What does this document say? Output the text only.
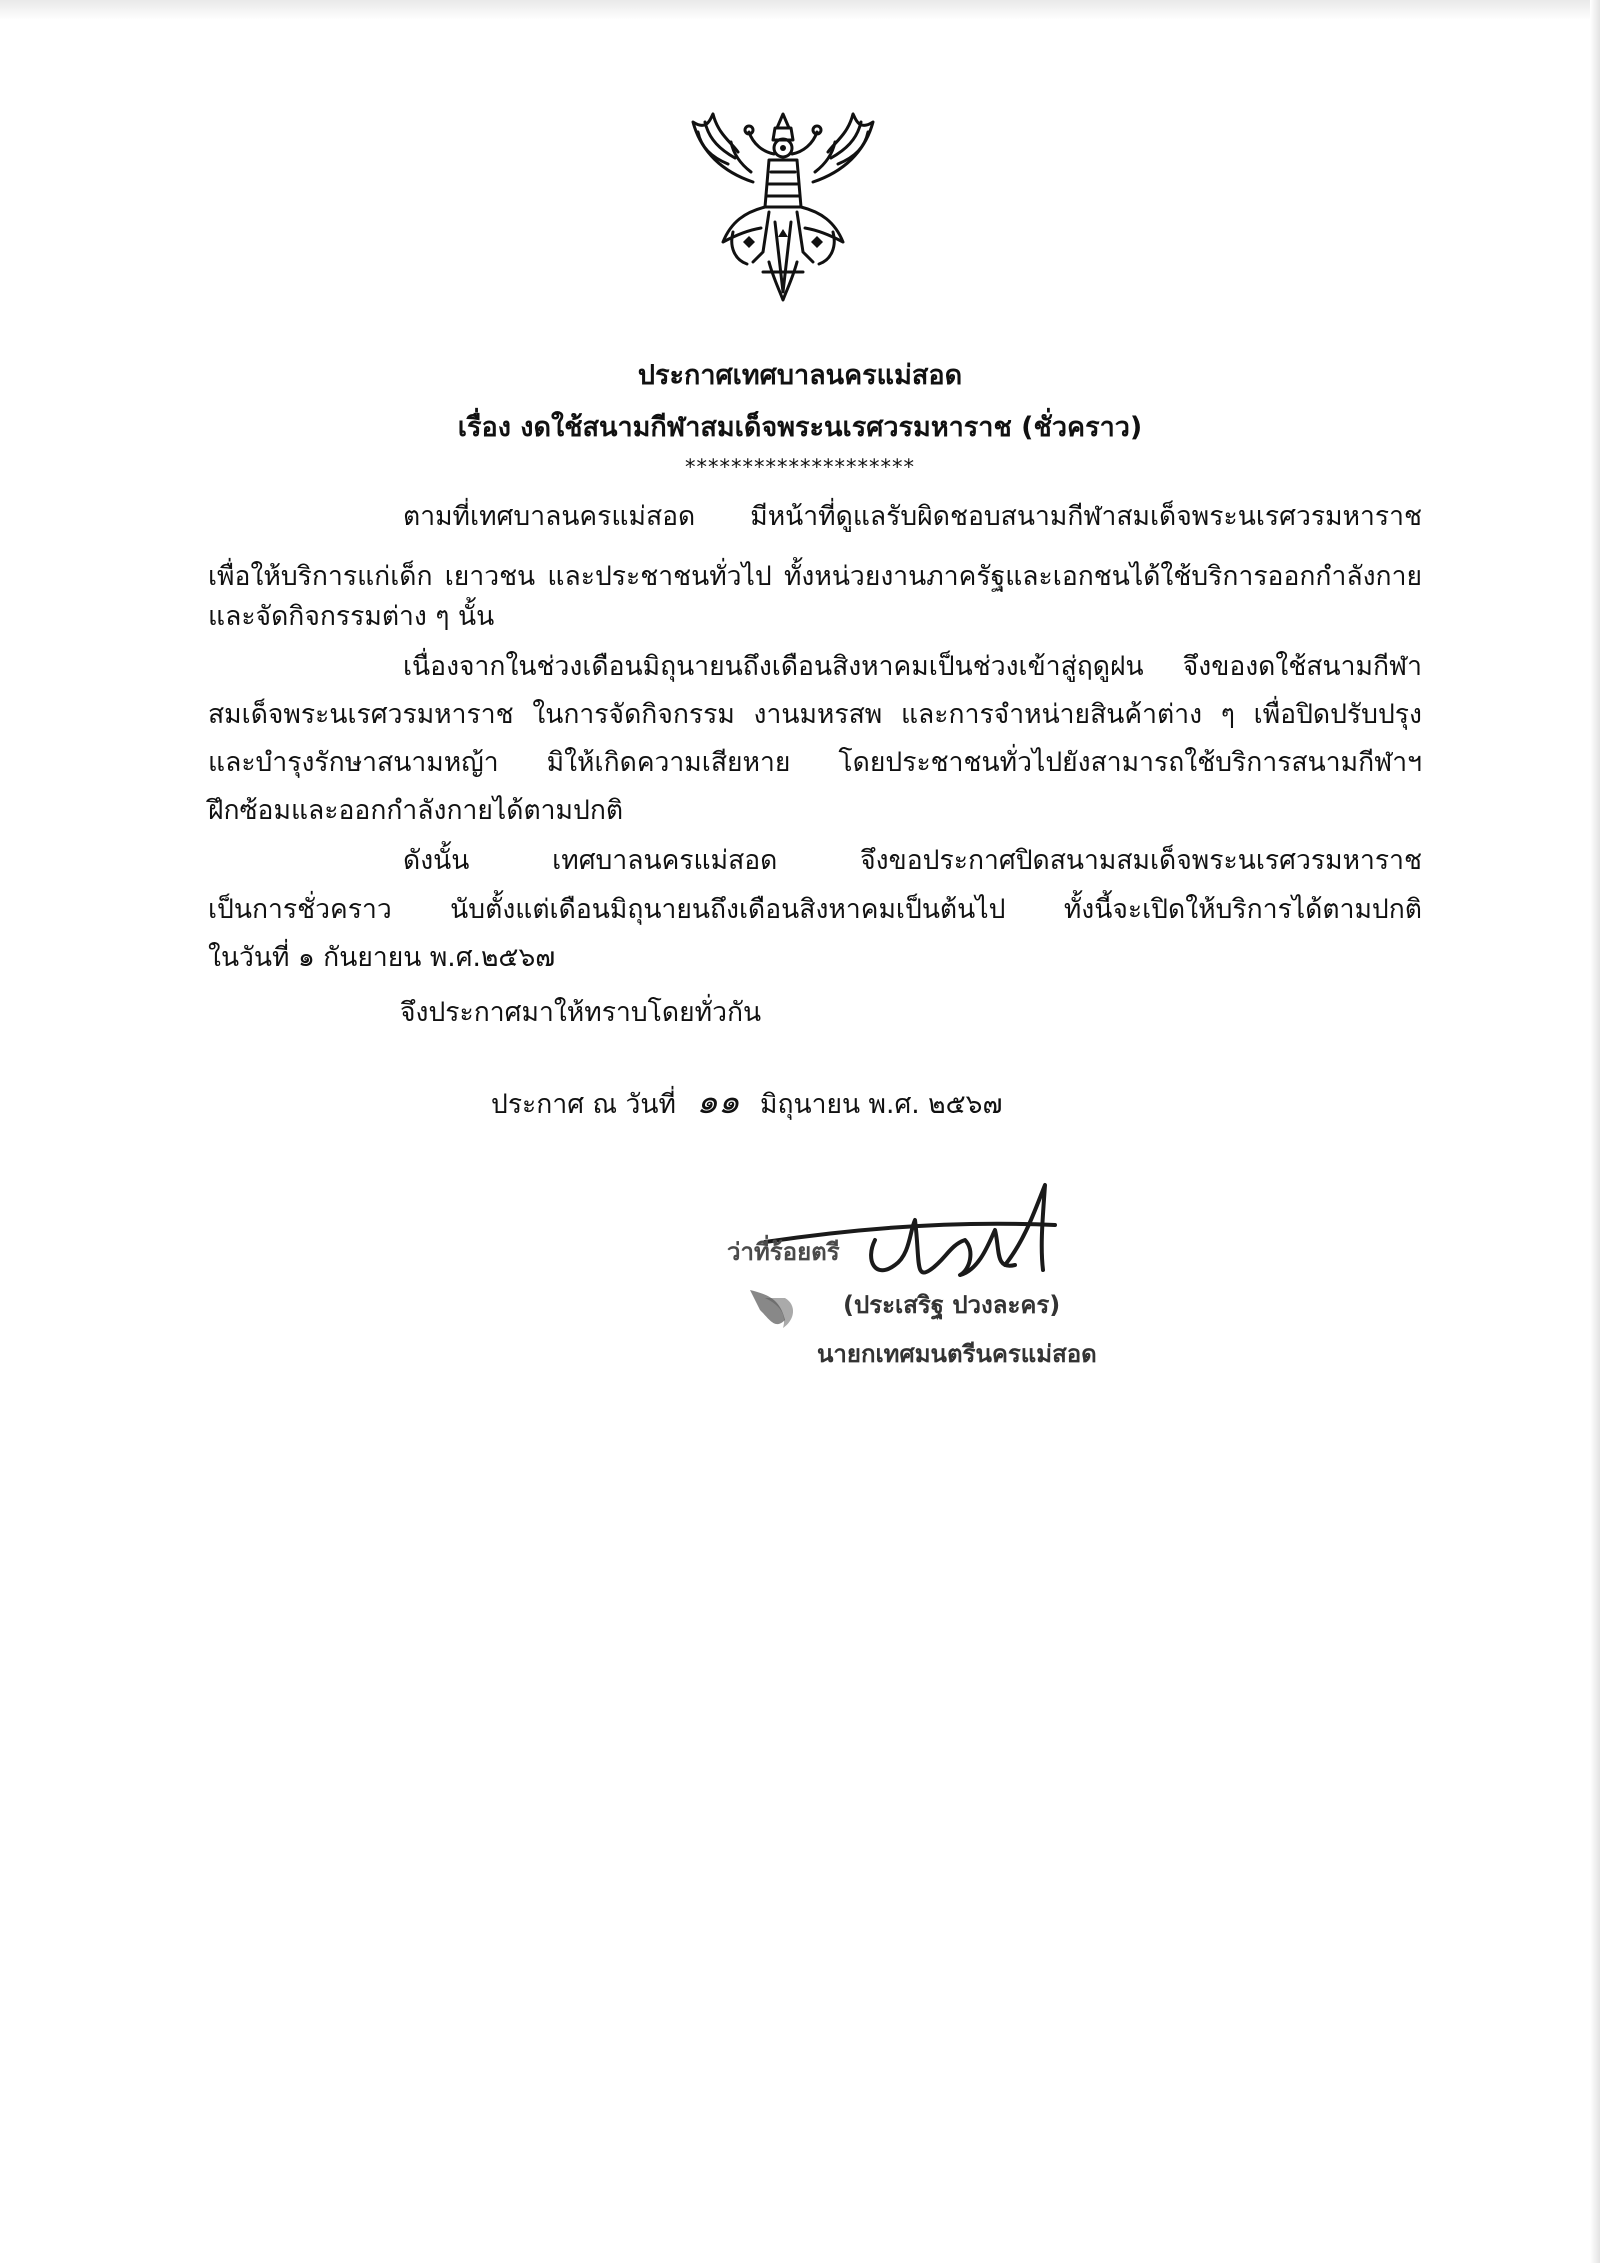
ประกาศเทศบาลนครแม่สอด
เรื่อง งดใช้สนามกีฬาสมเด็จพระนเรศวรมหาราช (ชั่วคราว)
********************
ตามที่เทศบาลนครแม่สอด มีหน้าที่ดูแลรับผิดชอบสนามกีฬาสมเด็จพระนเรศวรมหาราช
เพื่อให้บริการแก่เด็ก เยาวชน และประชาชนทั่วไป ทั้งหน่วยงานภาครัฐและเอกชนได้ใช้บริการออกกำลังกาย
และจัดกิจกรรมต่าง ๆ นั้น
เนื่องจากในช่วงเดือนมิถุนายนถึงเดือนสิงหาคมเป็นช่วงเข้าสู่ฤดูฝน จึงของดใช้สนามกีฬา
สมเด็จพระนเรศวรมหาราช ในการจัดกิจกรรม งานมหรสพ และการจำหน่ายสินค้าต่าง ๆ เพื่อปิดปรับปรุง
และบำรุงรักษาสนามหญ้า มิให้เกิดความเสียหาย โดยประชาชนทั่วไปยังสามารถใช้บริการสนามกีฬาฯ
ฝึกซ้อมและออกกำลังกายได้ตามปกติ
ดังนั้น เทศบาลนครแม่สอด จึงขอประกาศปิดสนามสมเด็จพระนเรศวรมหาราช
เป็นการชั่วคราว นับตั้งแต่เดือนมิถุนายนถึงเดือนสิงหาคมเป็นต้นไป ทั้งนี้จะเปิดให้บริการได้ตามปกติ
ในวันที่ ๑ กันยายน พ.ศ.๒๕๖๗
จึงประกาศมาให้ทราบโดยทั่วกัน
ประกาศ ณ วันที่ ๑๑ มิถุนายน พ.ศ. ๒๕๖๗
ว่าที่ร้อยตรี
(ประเสริฐ ปวงละคร)
นายกเทศมนตรีนครแม่สอด
